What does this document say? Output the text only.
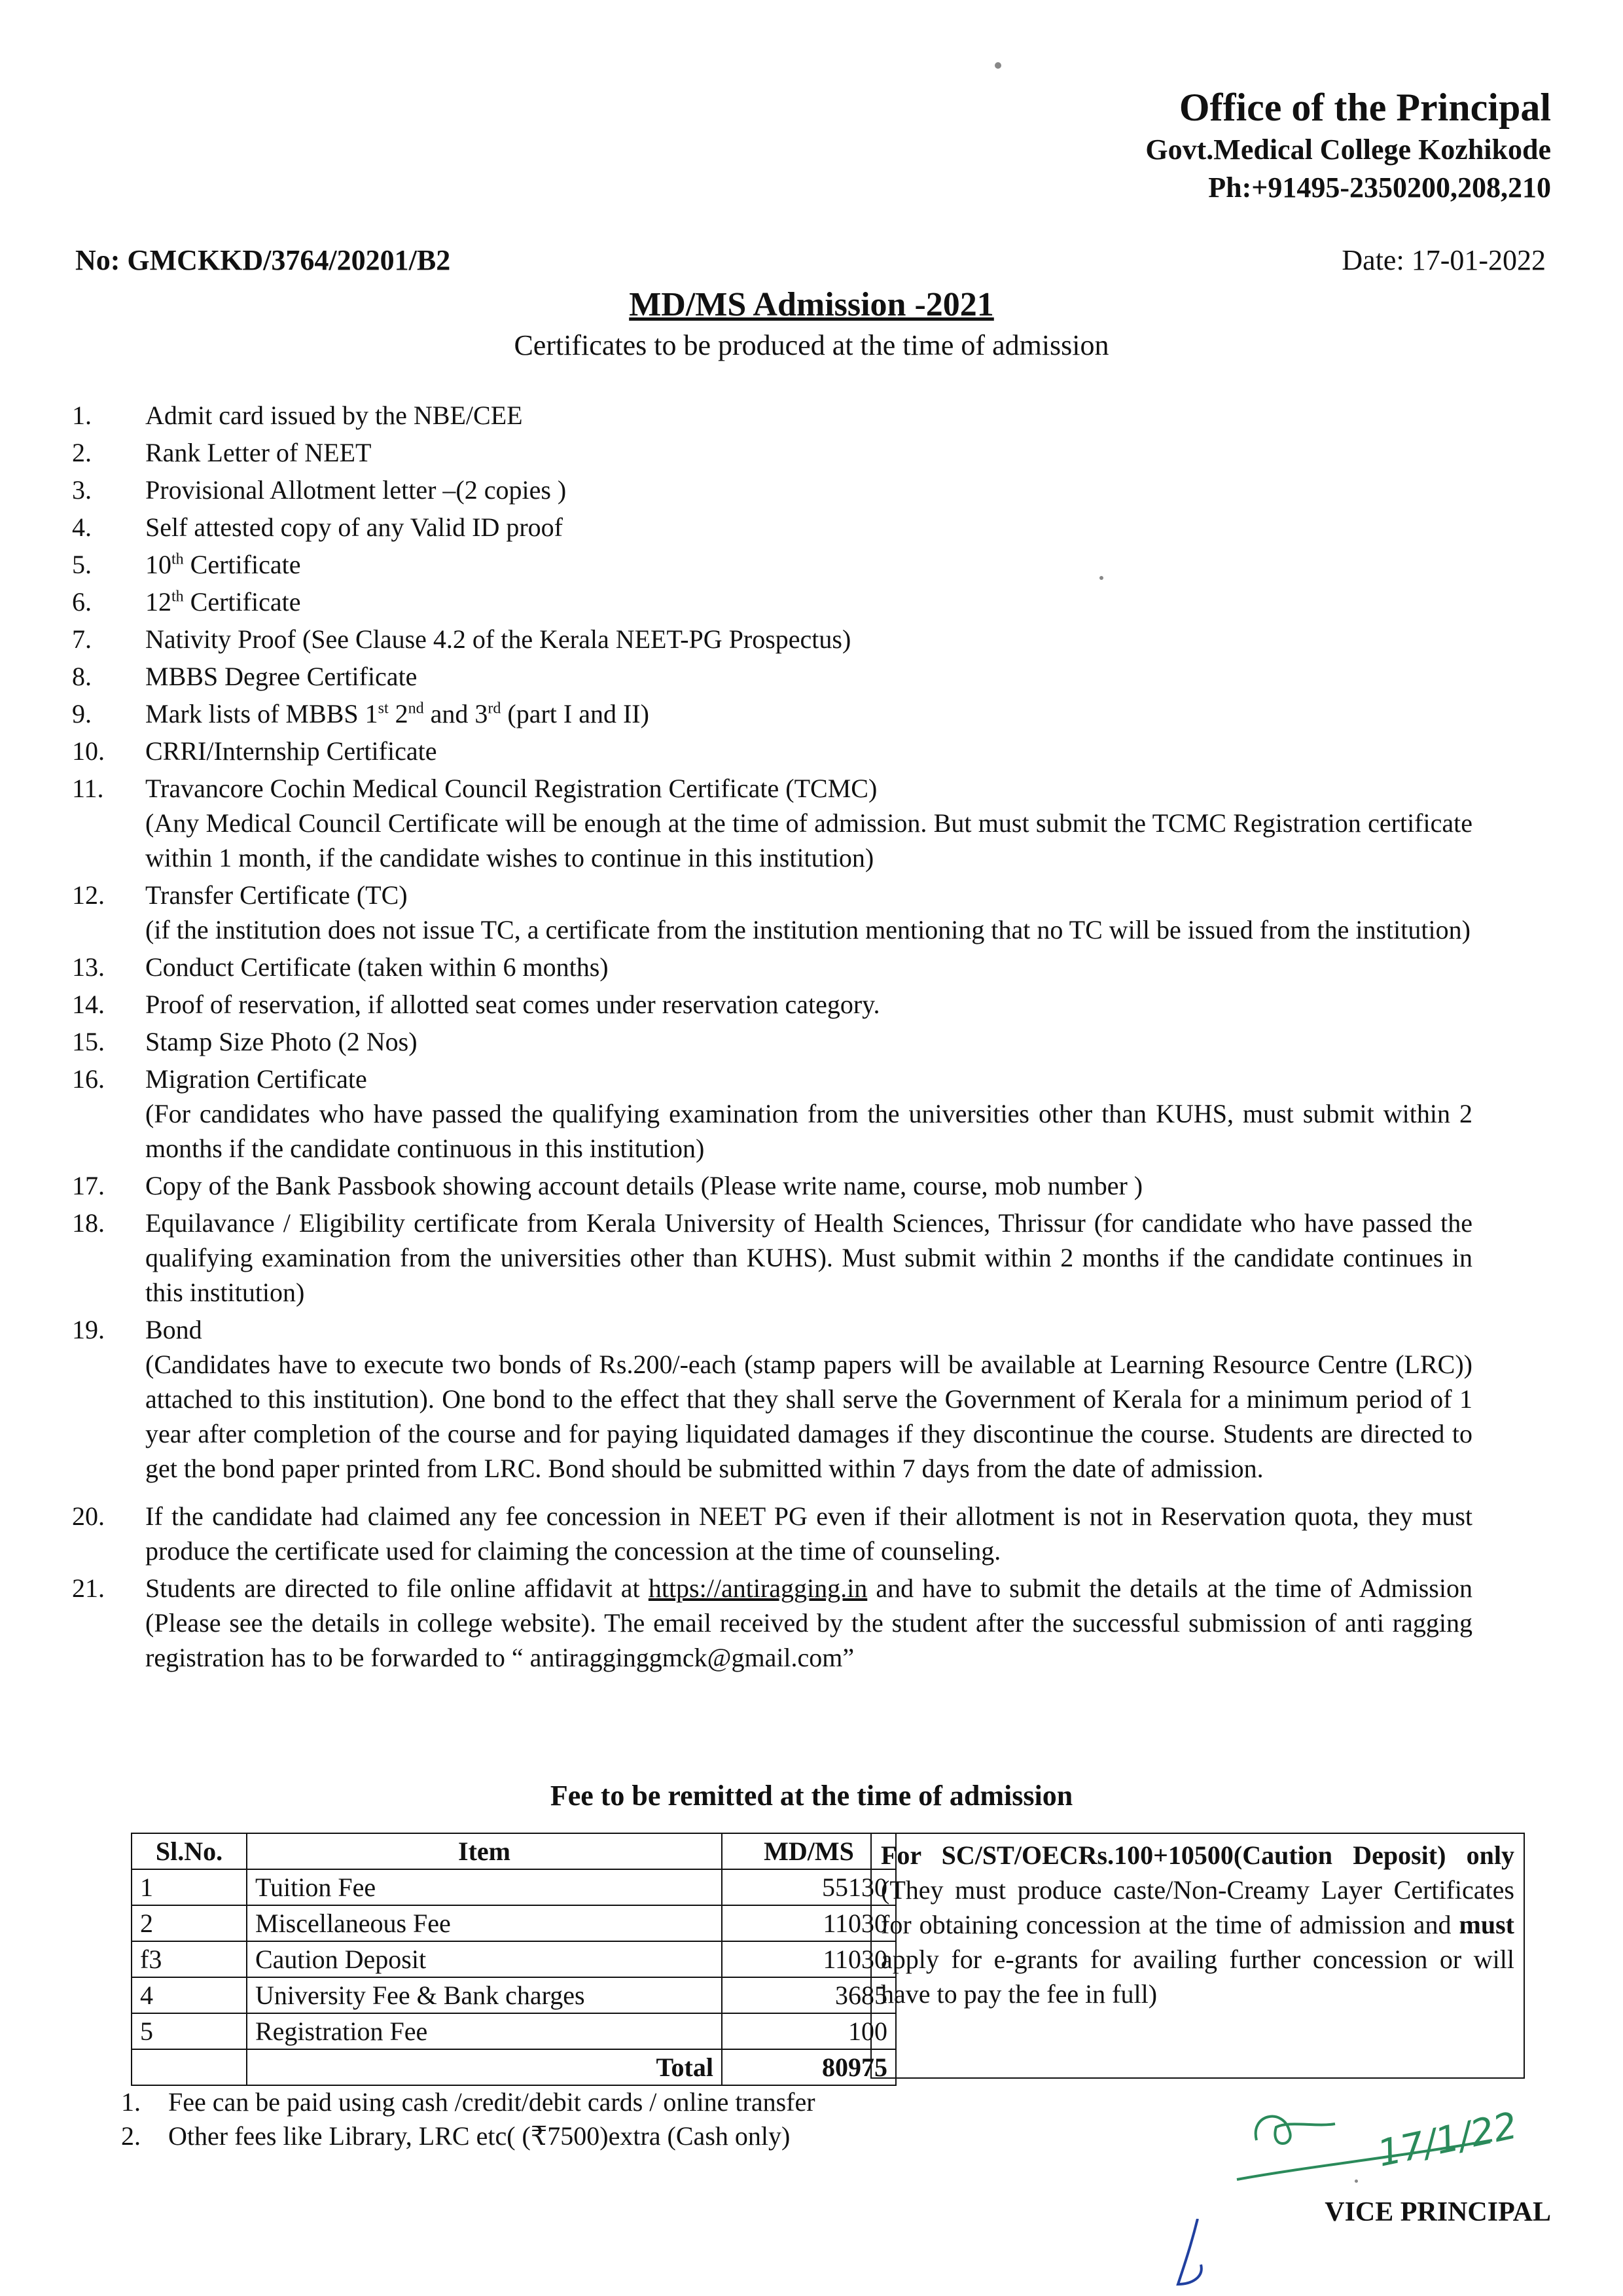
Office of the Principal
Govt.Medical College Kozhikode
Ph:+91495-2350200,208,210
No: GMCKKD/3764/20201/B2	Date: 17-01-2022
MD/MS Admission -2021
Certificates to be produced at the time of admission
1. Admit card issued by the NBE/CEE
2. Rank Letter of NEET
3. Provisional Allotment letter –(2 copies )
4. Self attested copy of any Valid ID proof
5. 10th Certificate
6. 12th Certificate
7. Nativity Proof (See Clause 4.2 of the Kerala NEET-PG Prospectus)
8. MBBS Degree Certificate
9. Mark lists of MBBS 1st 2nd and 3rd (part I and II)
10. CRRI/Internship Certificate
11. Travancore Cochin Medical Council Registration Certificate (TCMC)
(Any Medical Council Certificate will be enough at the time of admission. But must submit the TCMC Registration certificate within 1 month, if the candidate wishes to continue in this institution)
12. Transfer Certificate (TC)
(if the institution does not issue TC, a certificate from the institution mentioning that no TC will be issued from the institution)
13. Conduct Certificate (taken within 6 months)
14. Proof of reservation, if allotted seat comes under reservation category.
15. Stamp Size Photo (2 Nos)
16. Migration Certificate
(For candidates who have passed the qualifying examination from the universities other than KUHS, must submit within 2 months if the candidate continuous in this institution)
17. Copy of the Bank Passbook showing account details (Please write name, course, mob number )
18. Equilavance / Eligibility certificate from Kerala University of Health Sciences, Thrissur (for candidate who have passed the qualifying examination from the universities other than KUHS). Must submit within 2 months if the candidate continues in this institution)
19. Bond
(Candidates have to execute two bonds of Rs.200/-each (stamp papers will be available at Learning Resource Centre (LRC)) attached to this institution). One bond to the effect that they shall serve the Government of Kerala for a minimum period of 1 year after completion of the course and for paying liquidated damages if they discontinue the course. Students are directed to get the bond paper printed from LRC. Bond should be submitted within 7 days from the date of admission.
20. If the candidate had claimed any fee concession in NEET PG even if their allotment is not in Reservation quota, they must produce the certificate used for claiming the concession at the time of counseling.
21. Students are directed to file online affidavit at https://antiragging.in and have to submit the details at the time of Admission (Please see the details in college website). The email received by the student after the successful submission of anti ragging registration has to be forwarded to “ antiragginggmck@gmail.com”
Fee to be remitted at the time of admission
Sl.No.	Item	MD/MS
1	Tuition Fee	55130
2	Miscellaneous Fee	11030
f3	Caution Deposit	11030
4	University Fee & Bank charges	3685
5	Registration Fee	100
	Total	80975
For SC/ST/OECRs.100+10500(Caution Deposit) only (They must produce caste/Non-Creamy Layer Certificates for obtaining concession at the time of admission and must apply for e-grants for availing further concession or will have to pay the fee in full)
1.	Fee can be paid using cash /credit/debit cards / online transfer
2.	Other fees like Library, LRC etc( (₹7500)extra (Cash only)	17/1/22
VICE PRINCIPAL
